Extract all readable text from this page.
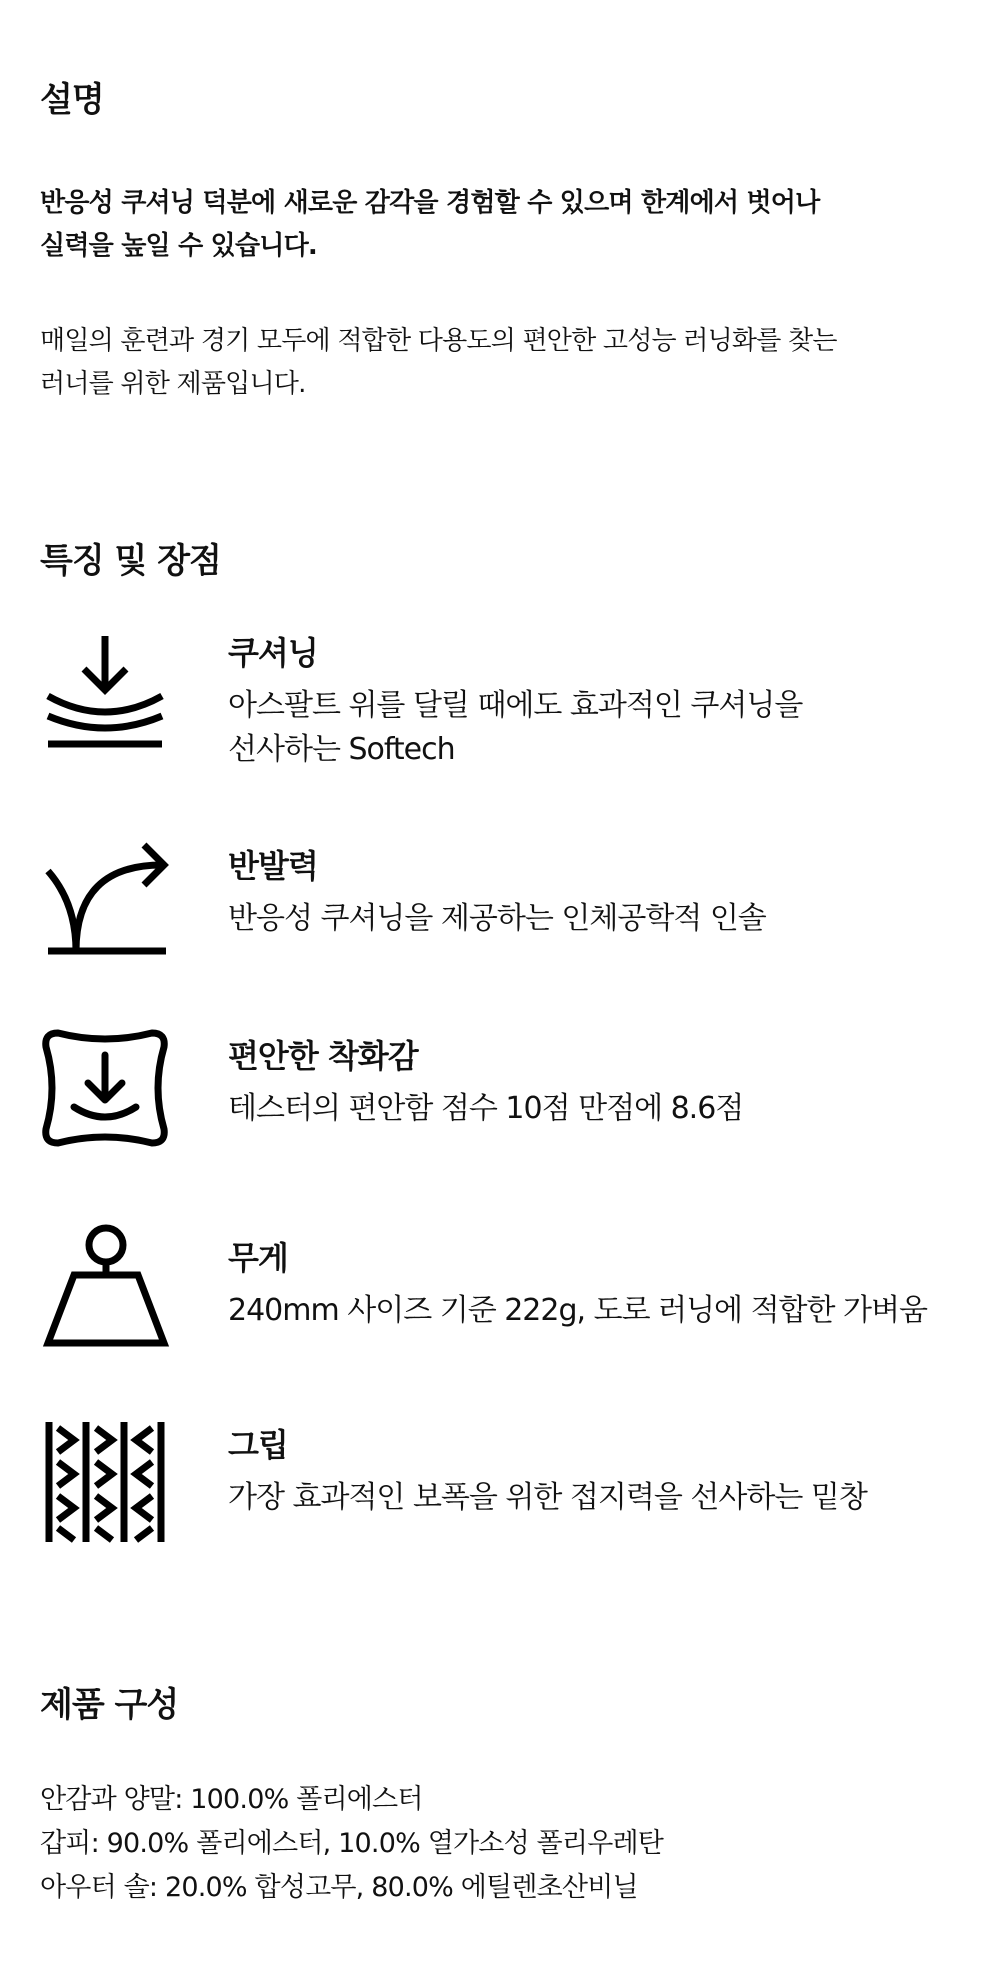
설명

반응성 쿠셔닝 덕분에 새로운 감각을 경험할 수 있으며 한계에서 벗어나
실력을 높일 수 있습니다.

매일의 훈련과 경기 모두에 적합한 다용도의 편안한 고성능 러닝화를 찾는
러너를 위한 제품입니다.

특징 및 장점
쿠셔닝

아스팔트 위를 달릴 때에도 효과적인 쿠셔닝을
선사하는 Softech

반발력

반응성 쿠셔닝을 제공하는 인체공학적 인솔

편안한 착화감

테스터의 편안함 점수 10점 만점에 8.6점

무게

240mm 사이즈 기준 222g, 도로 러닝에 적합한 가벼움

그립

가장 효과적인 보폭을 위한 접지력을 선사하는 밑창

제품 구성

안감과 양말: 100.0% 폴리에스터
갑피: 90.0% 폴리에스터, 10.0% 열가소성 폴리우레탄
아우터 솔: 20.0% 합성고무, 80.0% 에틸렌초산비닐
